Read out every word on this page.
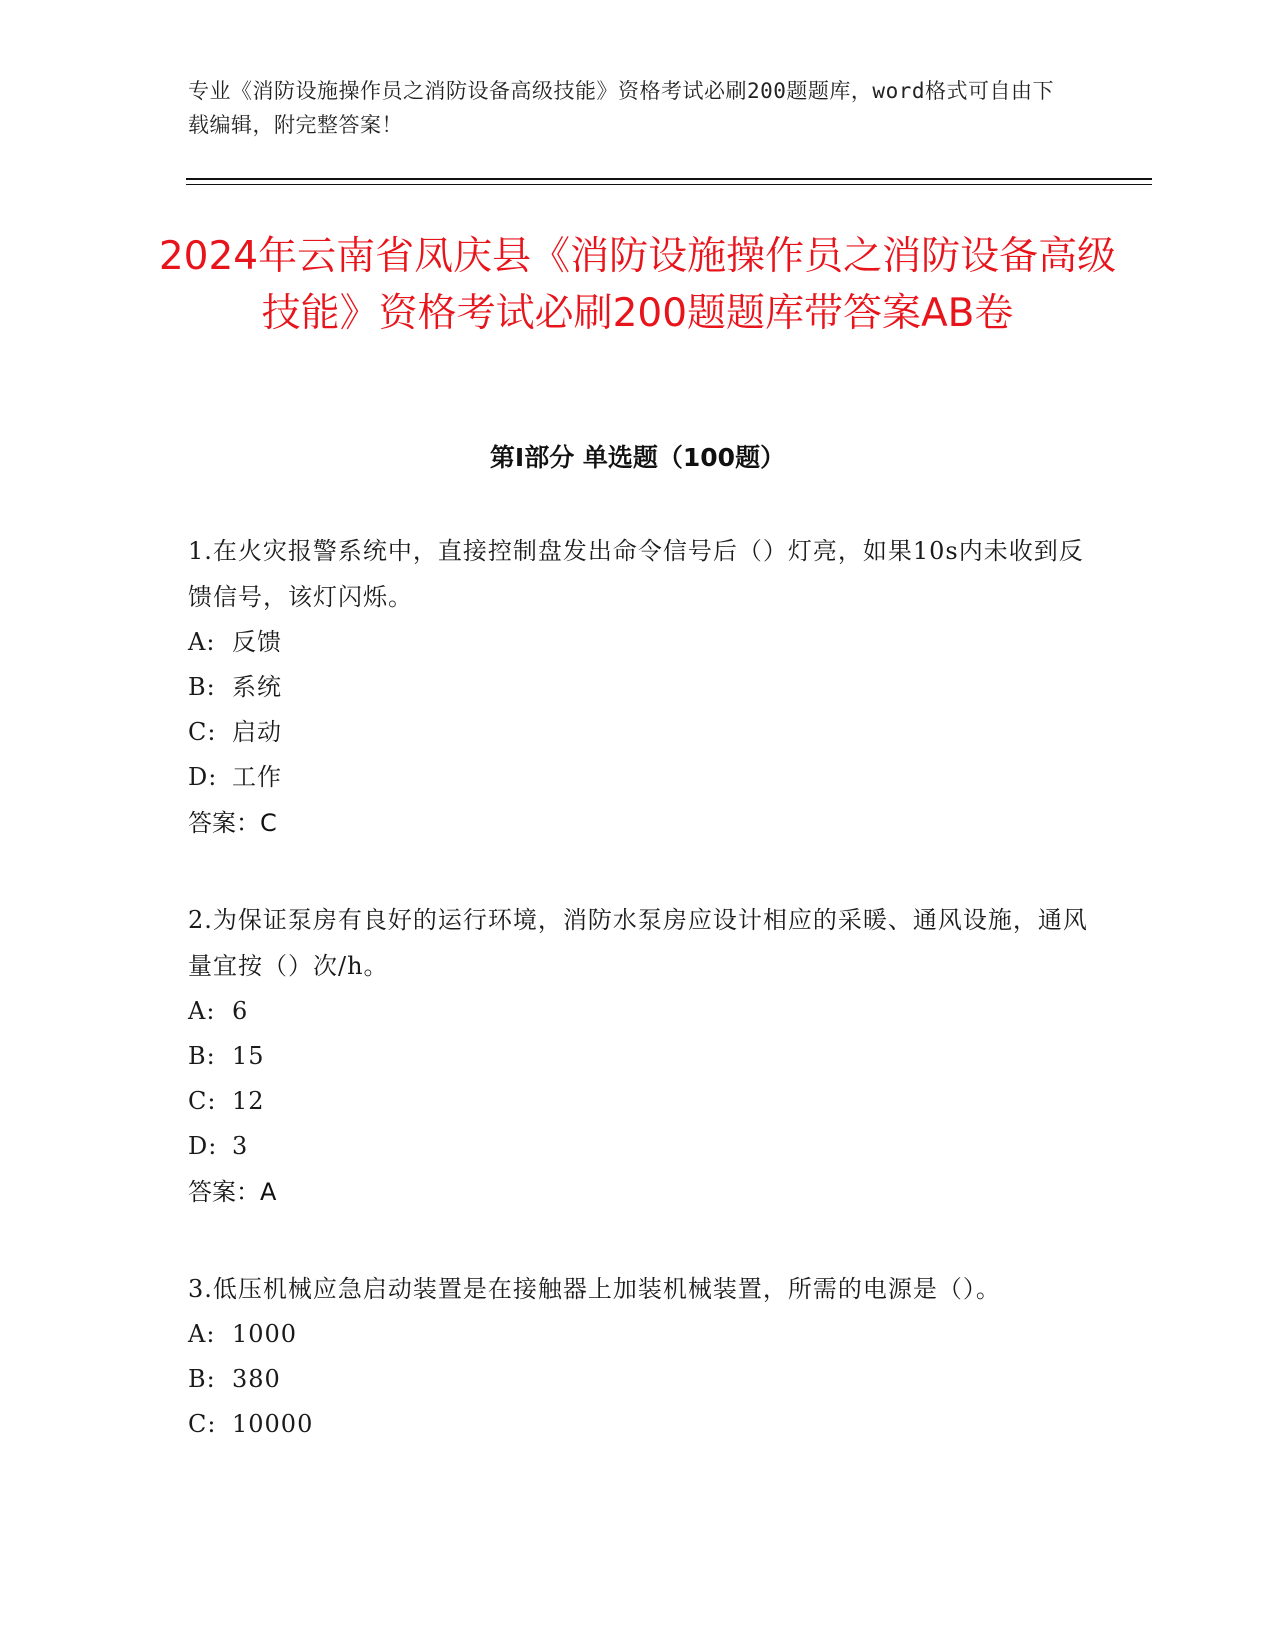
专业《消防设施操作员之消防设备高级技能》资格考试必刷200题题库，word格式可自由下载编辑，附完整答案！
2024年云南省凤庆县《消防设施操作员之消防设备高级技能》资格考试必刷200题题库带答案AB卷
第I部分 单选题（100题）

1.在火灾报警系统中，直接控制盘发出命令信号后（）灯亮，如果10s内未收到反馈信号，该灯闪烁。

A: 反馈
B: 系统
C: 启动
D: 工作

答案：C

2.为保证泵房有良好的运行环境，消防水泵房应设计相应的采暖、通风设施，通风量宜按（）次/h。

A: 6
B: 15
C: 12
D: 3

答案：A

3.低压机械应急启动装置是在接触器上加装机械装置，所需的电源是（）。

A: 1000
B: 380
C: 10000
